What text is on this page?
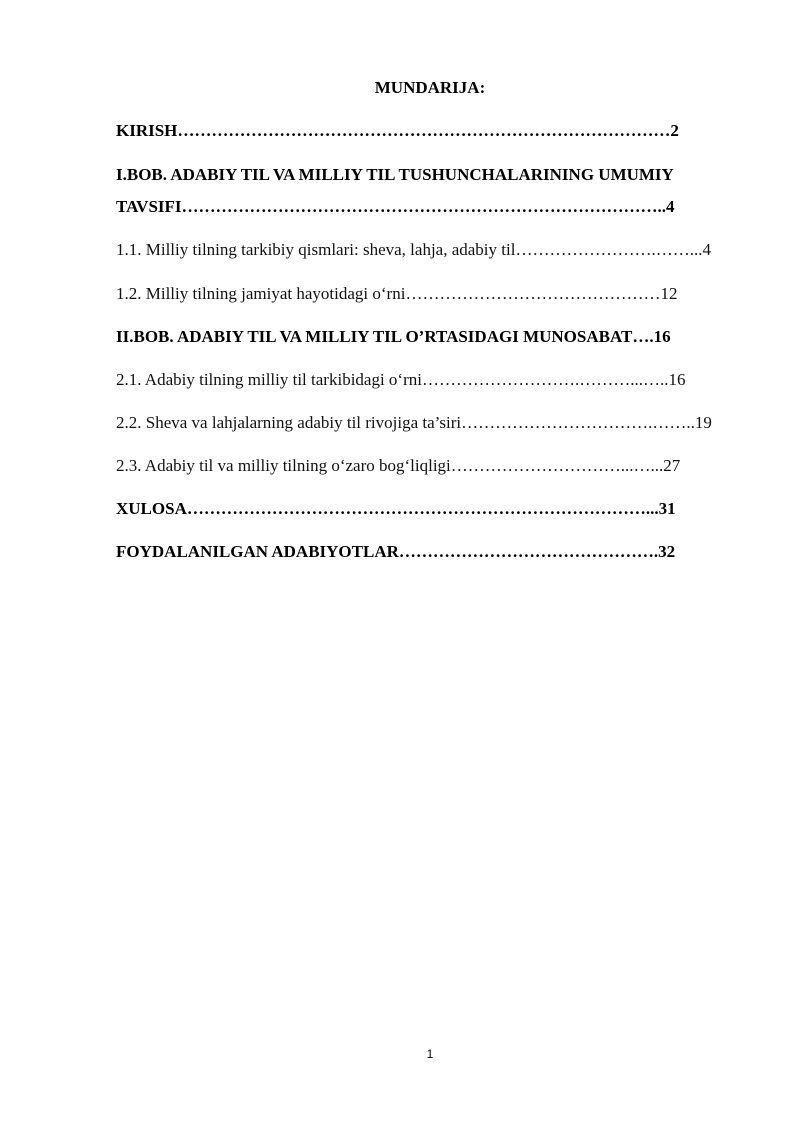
MUNDARIJA:
KIRISH……………………………………………………………………………2
I.BOB. ADABIY TIL VA MILLIY TIL TUSHUNCHALARINING UMUMIY
TAVSIFI…………………………………………………………………………..4
1.1. Milliy tilning tarkibiy qismlari: sheva, lahja, adabiy til…………………….……...4
1.2. Milliy tilning jamiyat hayotidagi o‘rni………………………………………12
II.BOB. ADABIY TIL VA MILLIY TIL O’RTASIDAGI MUNOSABAT….16
2.1. Adabiy tilning milliy til tarkibidagi o‘rni……………………….………...…..16
2.2. Sheva va lahjalarning adabiy til rivojiga ta’siri…………………………….……..19
2.3. Adabiy til va milliy tilning o‘zaro bog‘liqligi…………………………...…...27
XULOSA………………………………………………………………………...31
FOYDALANILGAN ADABIYOTLAR……………………………………….32
1
